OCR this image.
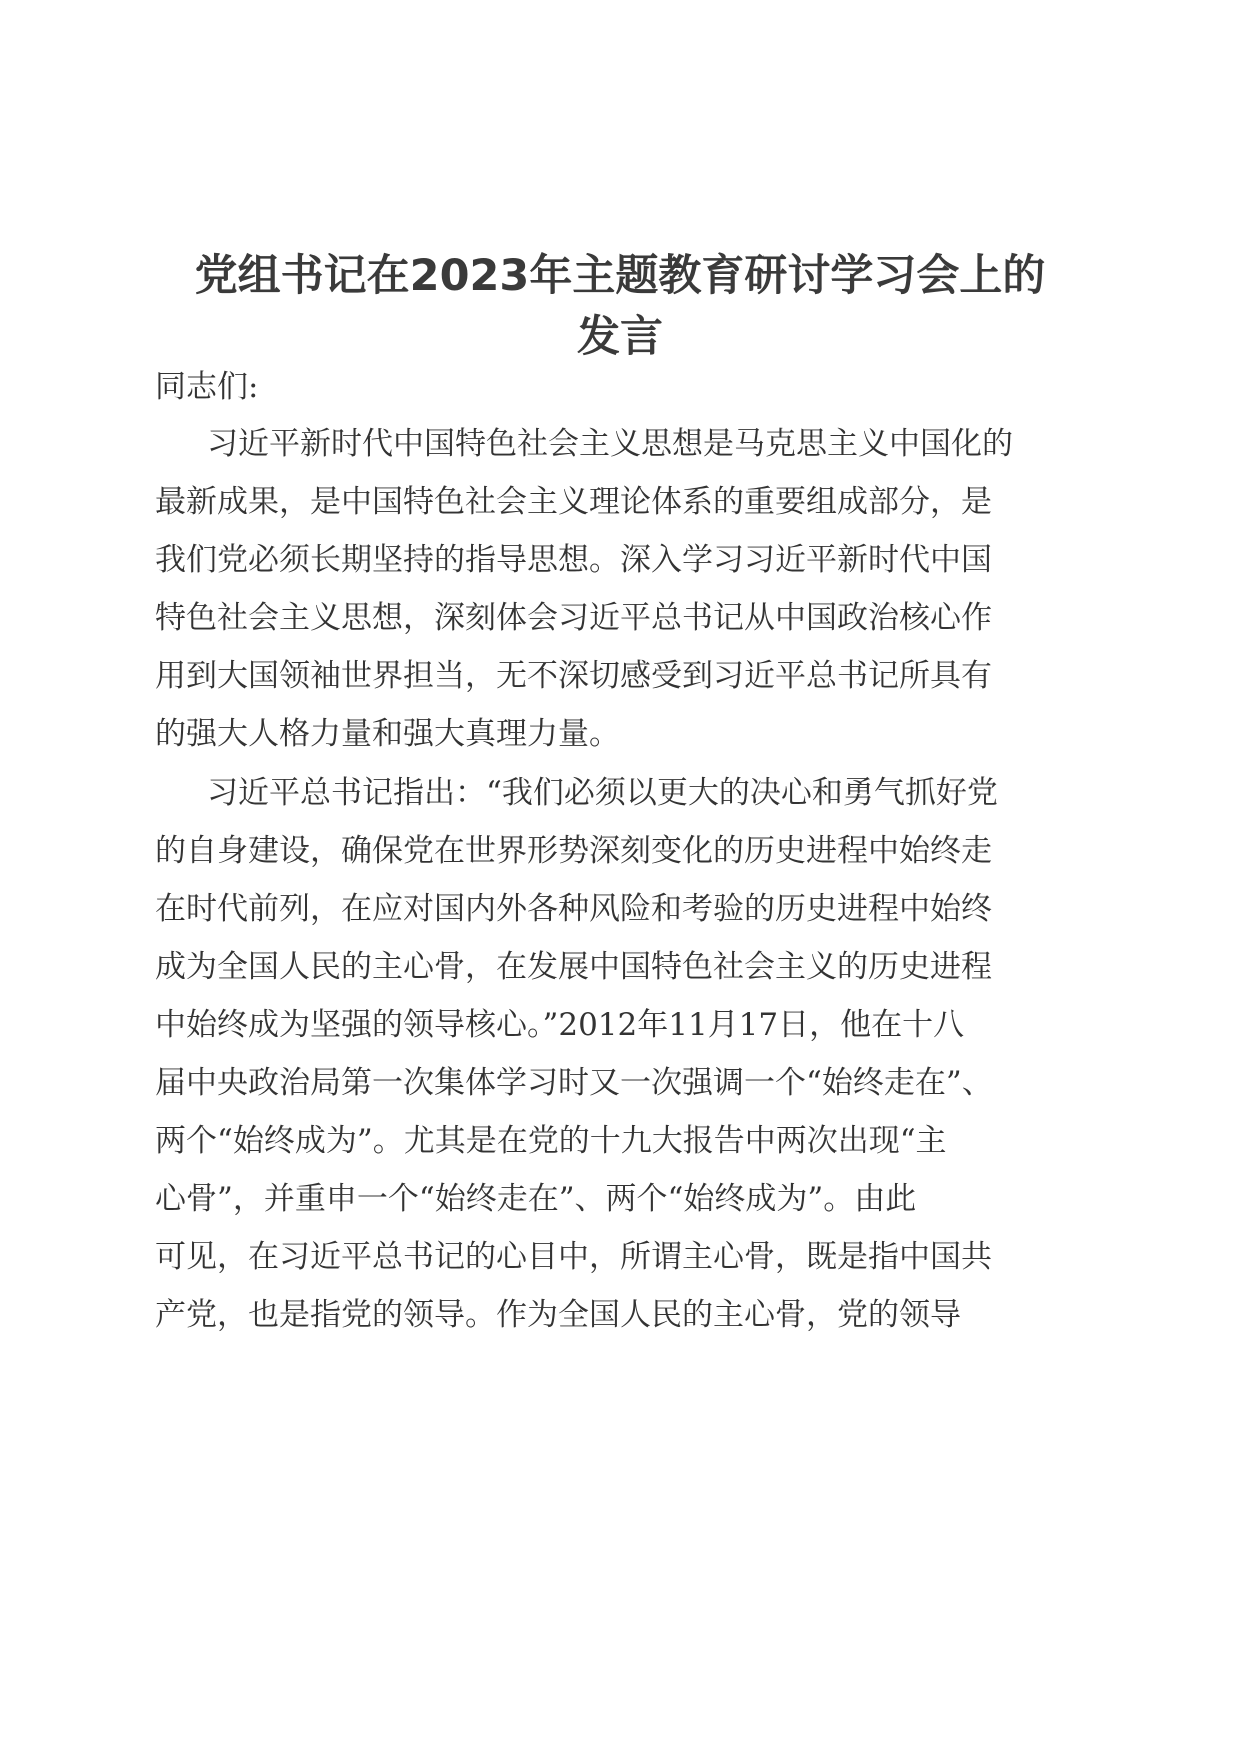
党组书记在2023年主题教育研讨学习会上的
发言

同志们:

习近平新时代中国特色社会主义思想是马克思主义中国化的

最新成果，是中国特色社会主义理论体系的重要组成部分，是

我们党必须长期坚持的指导思想。深入学习习近平新时代中国

特色社会主义思想，深刻体会习近平总书记从中国政治核心作

用到大国领袖世界担当，无不深切感受到习近平总书记所具有

的强大人格力量和强大真理力量。

习近平总书记指出：“我们必须以更大的决心和勇气抓好党

的自身建设，确保党在世界形势深刻变化的历史进程中始终走

在时代前列，在应对国内外各种风险和考验的历史进程中始终

成为全国人民的主心骨，在发展中国特色社会主义的历史进程

中始终成为坚强的领导核心。”2012年11月17日，他在十八

届中央政治局第一次集体学习时又一次强调一个“始终走在”、

两个“始终成为”。尤其是在党的十九大报告中两次出现“主

心骨”，并重申一个“始终走在”、两个“始终成为”。由此

可见，在习近平总书记的心目中，所谓主心骨，既是指中国共

产党，也是指党的领导。作为全国人民的主心骨，党的领导
